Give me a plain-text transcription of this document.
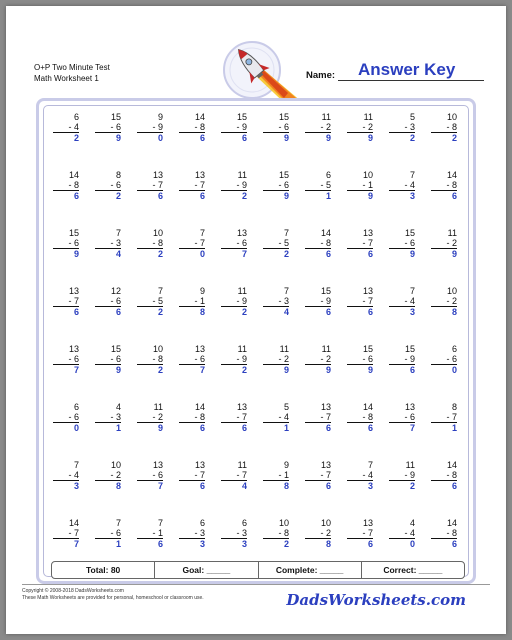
O+P Two Minute Test
Math Worksheet 1	Name: Answer Key
6
- 4
2
15
- 6
9
9
- 9
0
14
- 8
6
15
- 9
6
15
- 6
9
11
- 2
9
11
- 2
9
5
- 3
2
10
- 8
2
14
- 8
6
8
- 6
2
13
- 7
6
13
- 7
6
11
- 9
2
15
- 6
9
6
- 5
1
10
- 1
9
7
- 4
3
14
- 8
6
15
- 6
9
7
- 3
4
10
- 8
2
7
- 7
0
13
- 6
7
7
- 5
2
14
- 8
6
13
- 7
6
15
- 6
9
11
- 2
9
13
- 7
6
12
- 6
6
7
- 5
2
9
- 1
8
11
- 9
2
7
- 3
4
15
- 9
6
13
- 7
6
7
- 4
3
10
- 2
8
13
- 6
7
15
- 6
9
10
- 8
2
13
- 6
7
11
- 9
2
11
- 2
9
11
- 2
9
15
- 6
9
15
- 9
6
6
- 6
0
6
- 6
0
4
- 3
1
11
- 2
9
14
- 8
6
13
- 7
6
5
- 4
1
13
- 7
6
14
- 8
6
13
- 6
7
8
- 7
1
7
- 4
3
10
- 2
8
13
- 6
7
13
- 7
6
11
- 7
4
9
- 1
8
13
- 7
6
7
- 4
3
11
- 9
2
14
- 8
6
14
- 7
7
7
- 6
1
7
- 1
6
6
- 3
3
6
- 3
3
10
- 8
2
10
- 2
8
13
- 7
6
4
- 4
0
14
- 8
6
Total: 80	Goal: _____	Complete: _____	Correct: _____
Copyright © 2008-2018 DadsWorksheets.com
These Math Worksheets are provided for personal, homeschool or classroom use.	DadsWorksheets.com
